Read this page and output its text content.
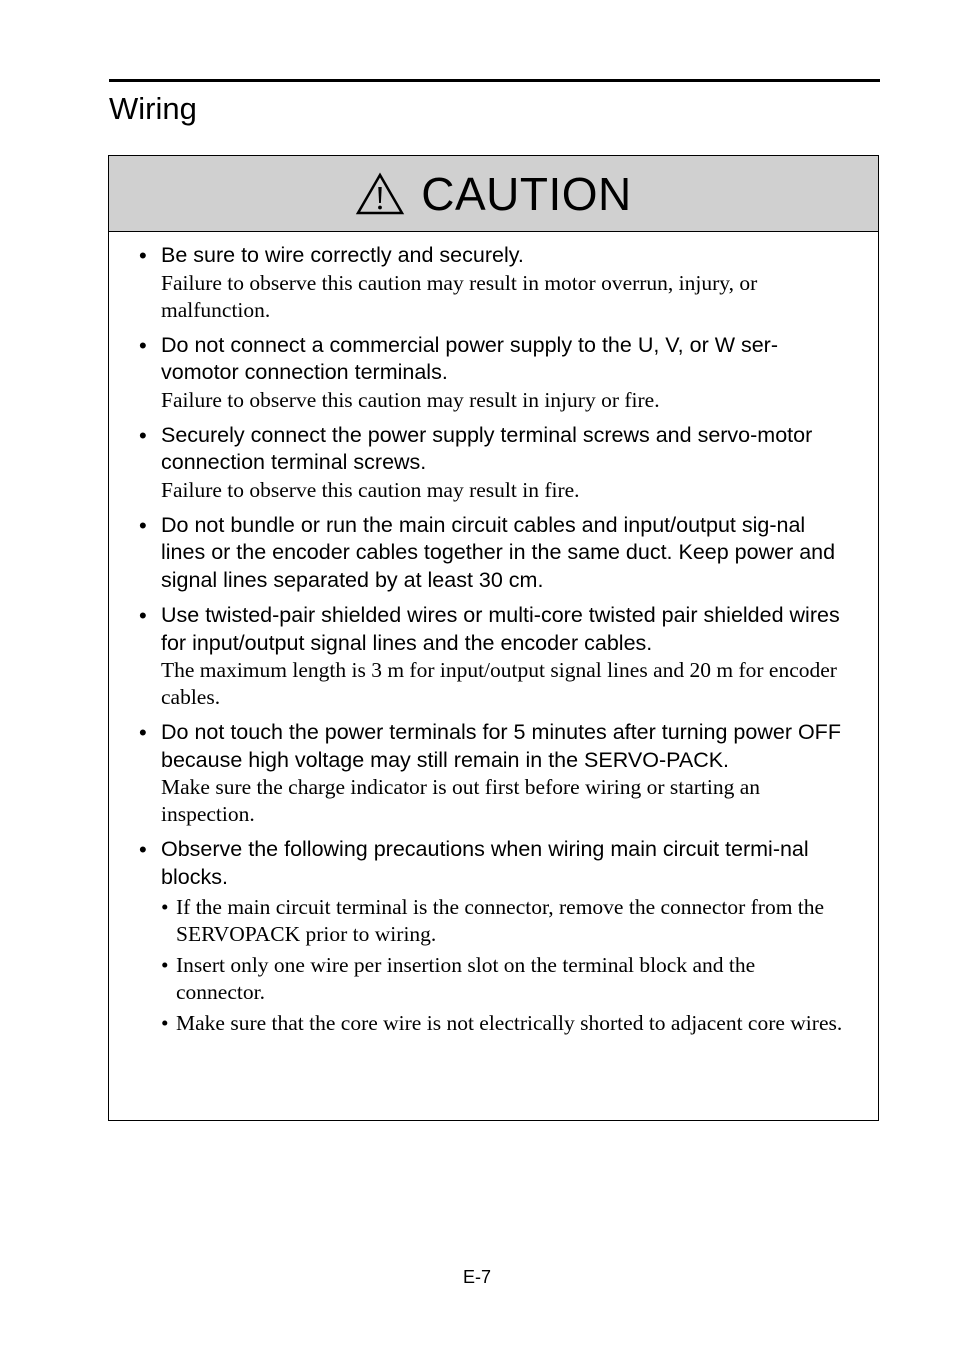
Wiring
CAUTION
• Be sure to wire correctly and securely.
Failure to observe this caution may result in motor overrun, injury, or malfunction.
• Do not connect a commercial power supply to the U, V, or W ser-vomotor connection terminals.
Failure to observe this caution may result in injury or fire.
• Securely connect the power supply terminal screws and servo-motor connection terminal screws.
Failure to observe this caution may result in fire.
• Do not bundle or run the main circuit cables and input/output sig-nal lines or the encoder cables together in the same duct. Keep power and signal lines separated by at least 30 cm.
• Use twisted-pair shielded wires or multi-core twisted pair shielded wires for input/output signal lines and the encoder cables.
The maximum length is 3 m for input/output signal lines and 20 m for encoder cables.
• Do not touch the power terminals for 5 minutes after turning power OFF because high voltage may still remain in the SERVO-PACK.
Make sure the charge indicator is out first before wiring or starting an inspection.
• Observe the following precautions when wiring main circuit termi-nal blocks.
• If the main circuit terminal is the connector, remove the connector from the SERVOPACK prior to wiring.
• Insert only one wire per insertion slot on the terminal block and the connector.
• Make sure that the core wire is not electrically shorted to adjacent core wires.
E-7
